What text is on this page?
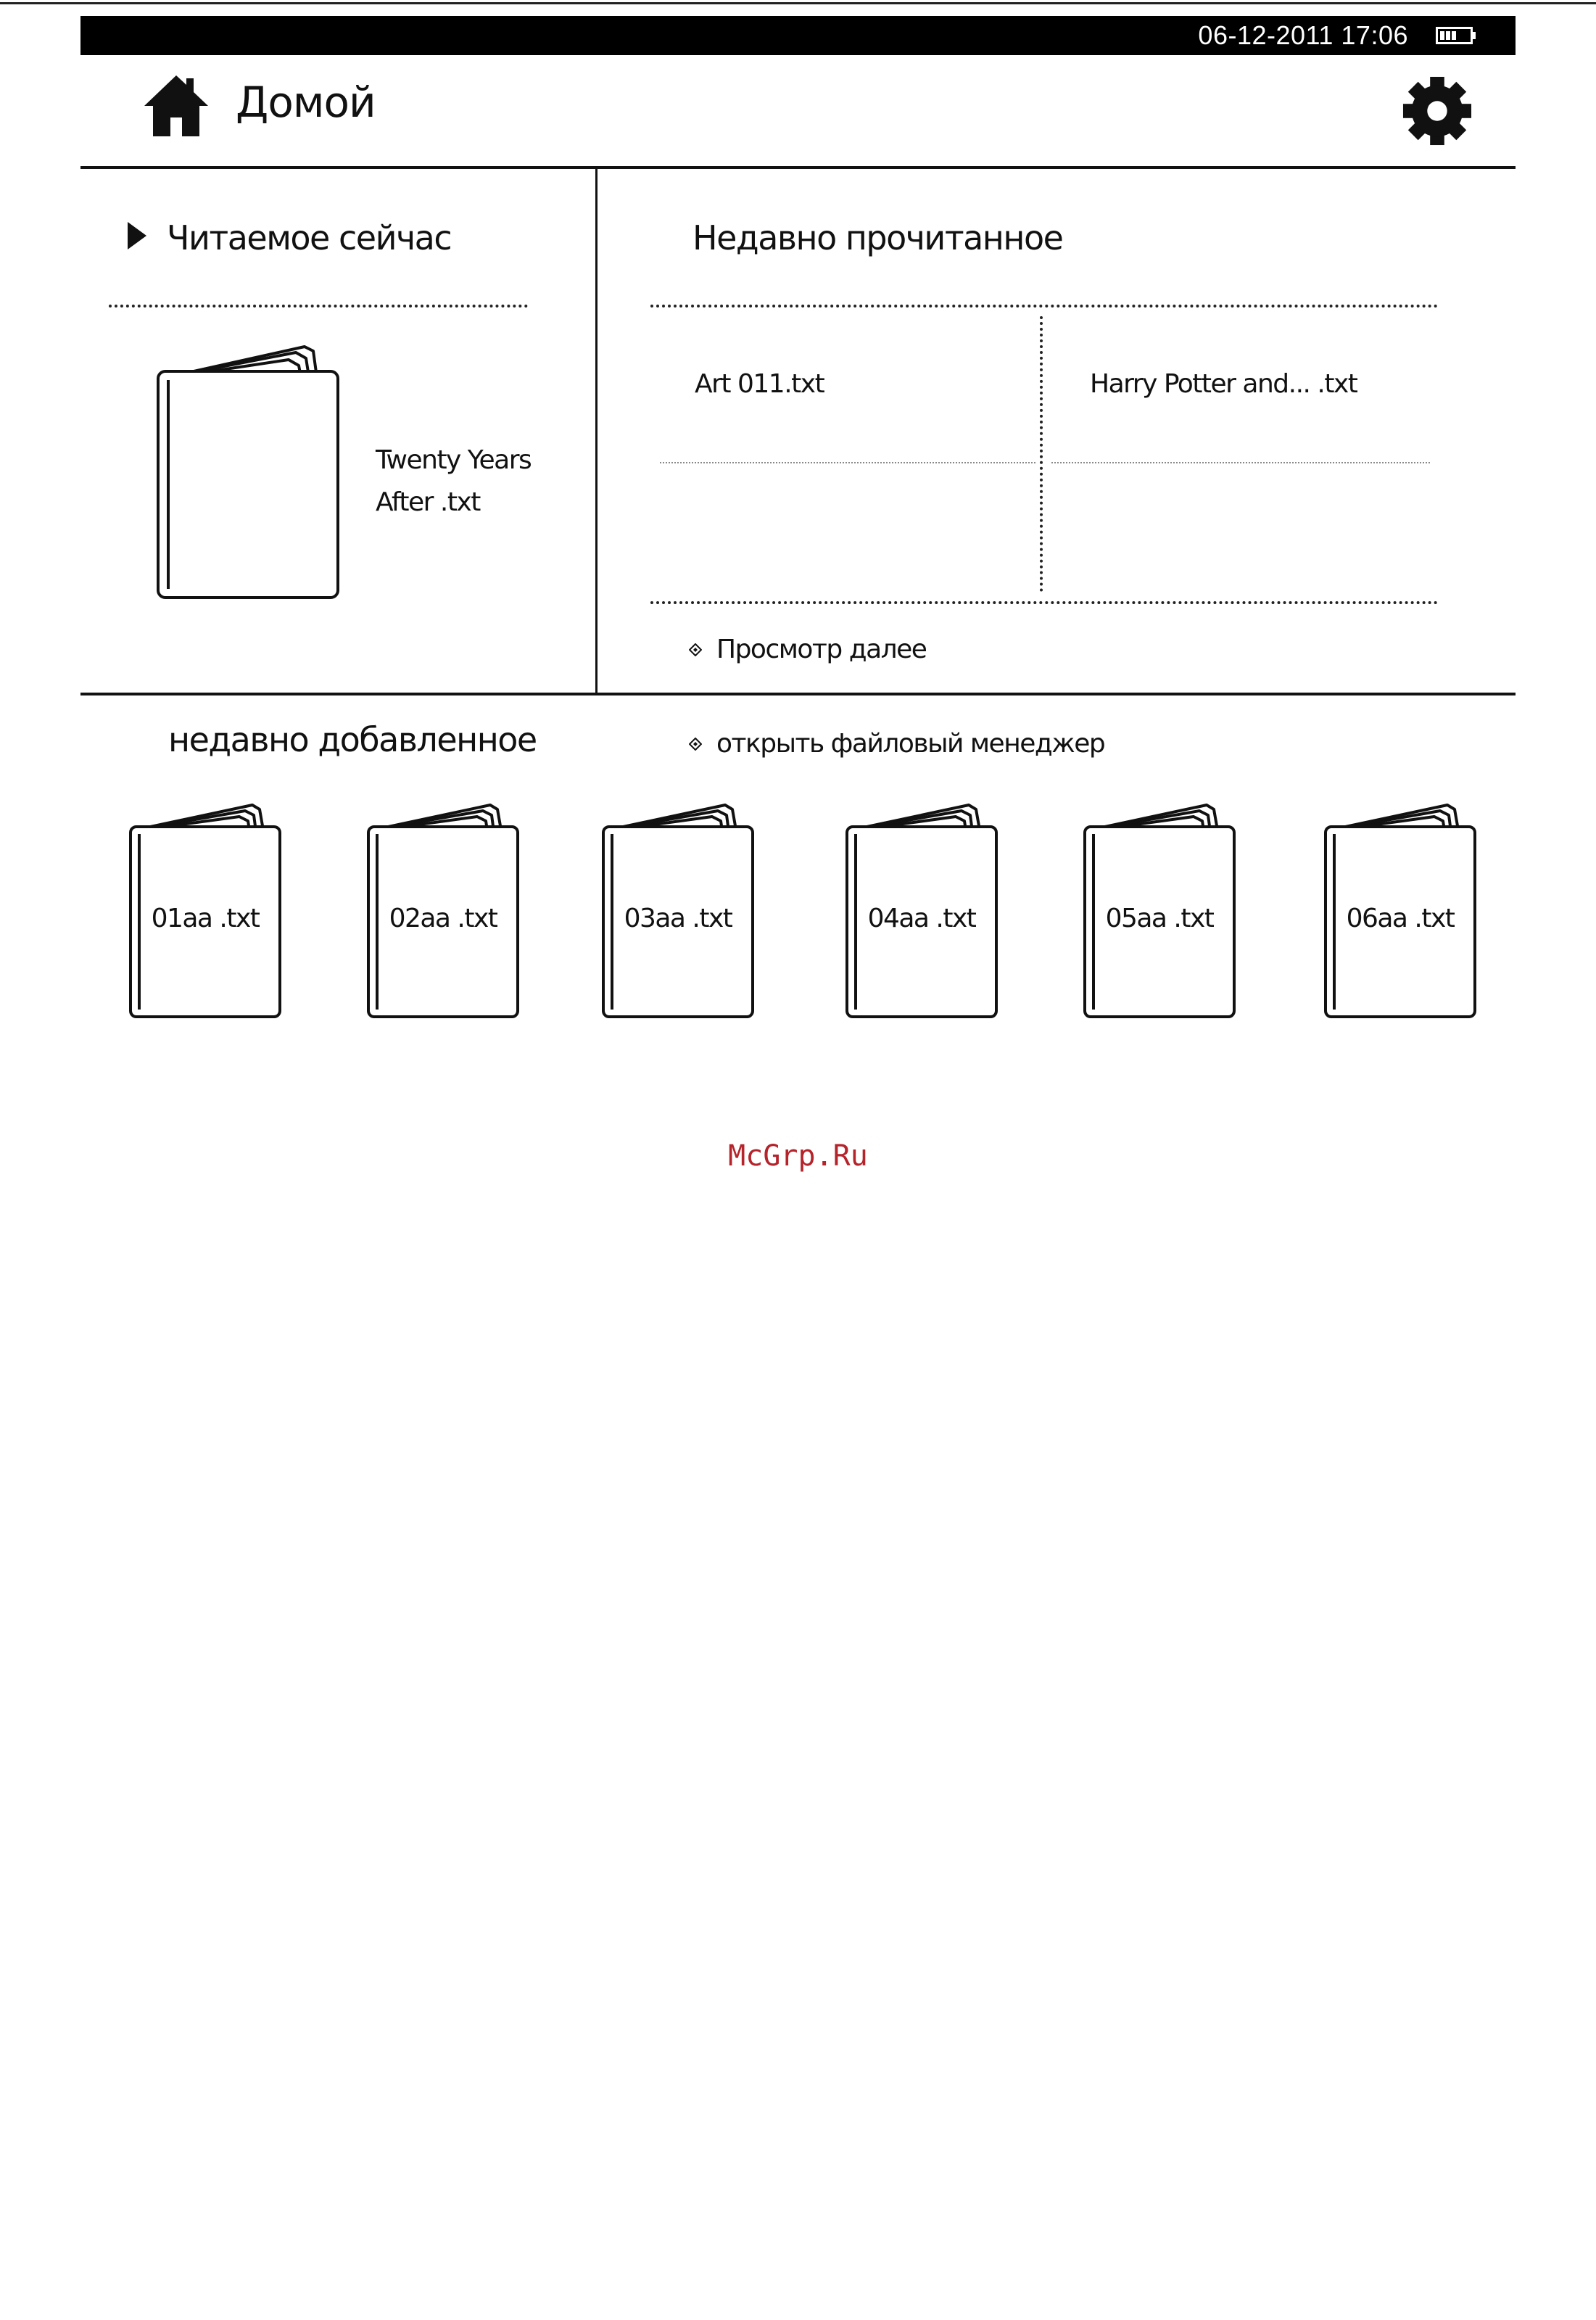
06-12-2011 17:06
Домой
Читаемое сейчас
Twenty Years
After .txt
Недавно прочитанное
Art 011.txt	Harry Potter and... .txt
Просмотр далее
недавно добавленное	открыть файловый менеджер
01aa .txt	02aa .txt	03aa .txt	04aa .txt	05aa .txt	06aa .txt
McGrp.Ru
